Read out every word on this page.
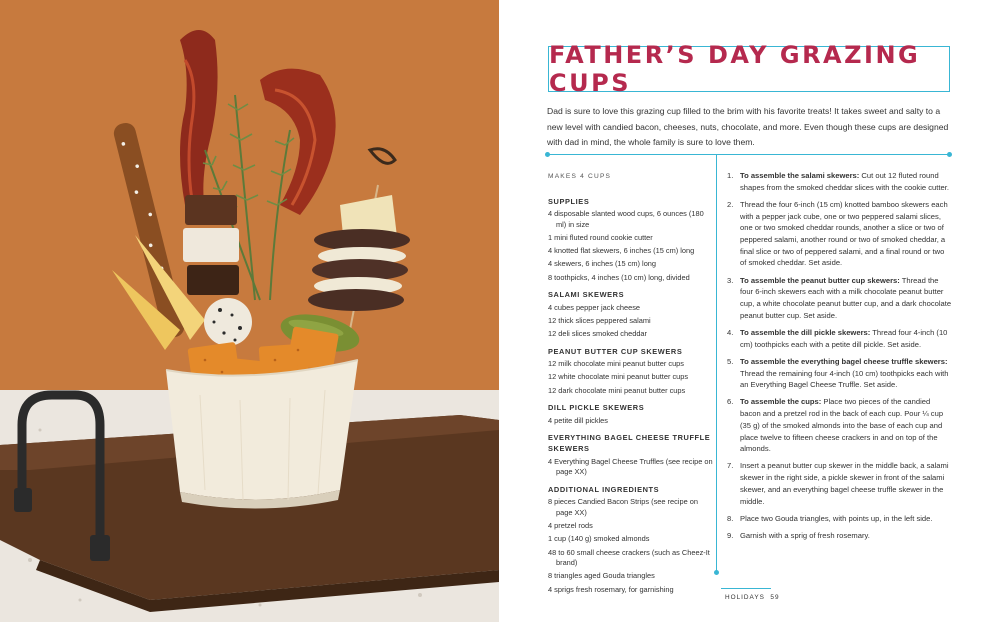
FATHER’S DAY GRAZING CUPS
Dad is sure to love this grazing cup filled to the brim with his favorite treats! It takes sweet and salty to a new level with candied bacon, cheeses, nuts, chocolate, and more. Even though these cups are designed with dad in mind, the whole family is sure to love them.
MAKES 4 CUPS
SUPPLIES
4 disposable slanted wood cups, 6 ounces (180 ml) in size
1 mini fluted round cookie cutter
4 knotted flat skewers, 6 inches (15 cm) long
4 skewers, 6 inches (15 cm) long
8 toothpicks, 4 inches (10 cm) long, divided
SALAMI SKEWERS
4 cubes pepper jack cheese
12 thick slices peppered salami
12 deli slices smoked cheddar
PEANUT BUTTER CUP SKEWERS
12 milk chocolate mini peanut butter cups
12 white chocolate mini peanut butter cups
12 dark chocolate mini peanut butter cups
DILL PICKLE SKEWERS
4 petite dill pickles
EVERYTHING BAGEL CHEESE TRUFFLE SKEWERS
4 Everything Bagel Cheese Truffles (see recipe on page XX)
ADDITIONAL INGREDIENTS
8 pieces Candied Bacon Strips (see recipe on page XX)
4 pretzel rods
1 cup (140 g) smoked almonds
48 to 60 small cheese crackers (such as Cheez-It brand)
8 triangles aged Gouda triangles
4 sprigs fresh rosemary, for garnishing
1. To assemble the salami skewers: Cut out 12 fluted round shapes from the smoked cheddar slices with the cookie cutter.
2. Thread the four 6-inch (15 cm) knotted bamboo skewers each with a pepper jack cube, one or two peppered salami slices, one or two smoked cheddar rounds, another a slice or two of peppered salami, another round or two of smoked cheddar, a final slice or two of peppered salami, and a final round or two of smoked cheddar. Set aside.
3. To assemble the peanut butter cup skewers: Thread the four 6-inch skewers each with a milk chocolate peanut butter cup, a white chocolate peanut butter cup, and a dark chocolate peanut butter cup. Set aside.
4. To assemble the dill pickle skewers: Thread four 4-inch (10 cm) toothpicks each with a petite dill pickle. Set aside.
5. To assemble the everything bagel cheese truffle skewers: Thread the remaining four 4-inch (10 cm) toothpicks each with an Everything Bagel Cheese Truffle. Set aside.
6. To assemble the cups: Place two pieces of the candied bacon and a pretzel rod in the back of each cup. Pour ¼ cup (35 g) of the smoked almonds into the base of each cup and place twelve to fifteen cheese crackers in and on top of the almonds.
7. Insert a peanut butter cup skewer in the middle back, a salami skewer in the right side, a pickle skewer in front of the salami skewer, and an everything bagel cheese truffle skewer in the middle.
8. Place two Gouda triangles, with points up, in the left side.
9. Garnish with a sprig of fresh rosemary.
HOLIDAYS 59
